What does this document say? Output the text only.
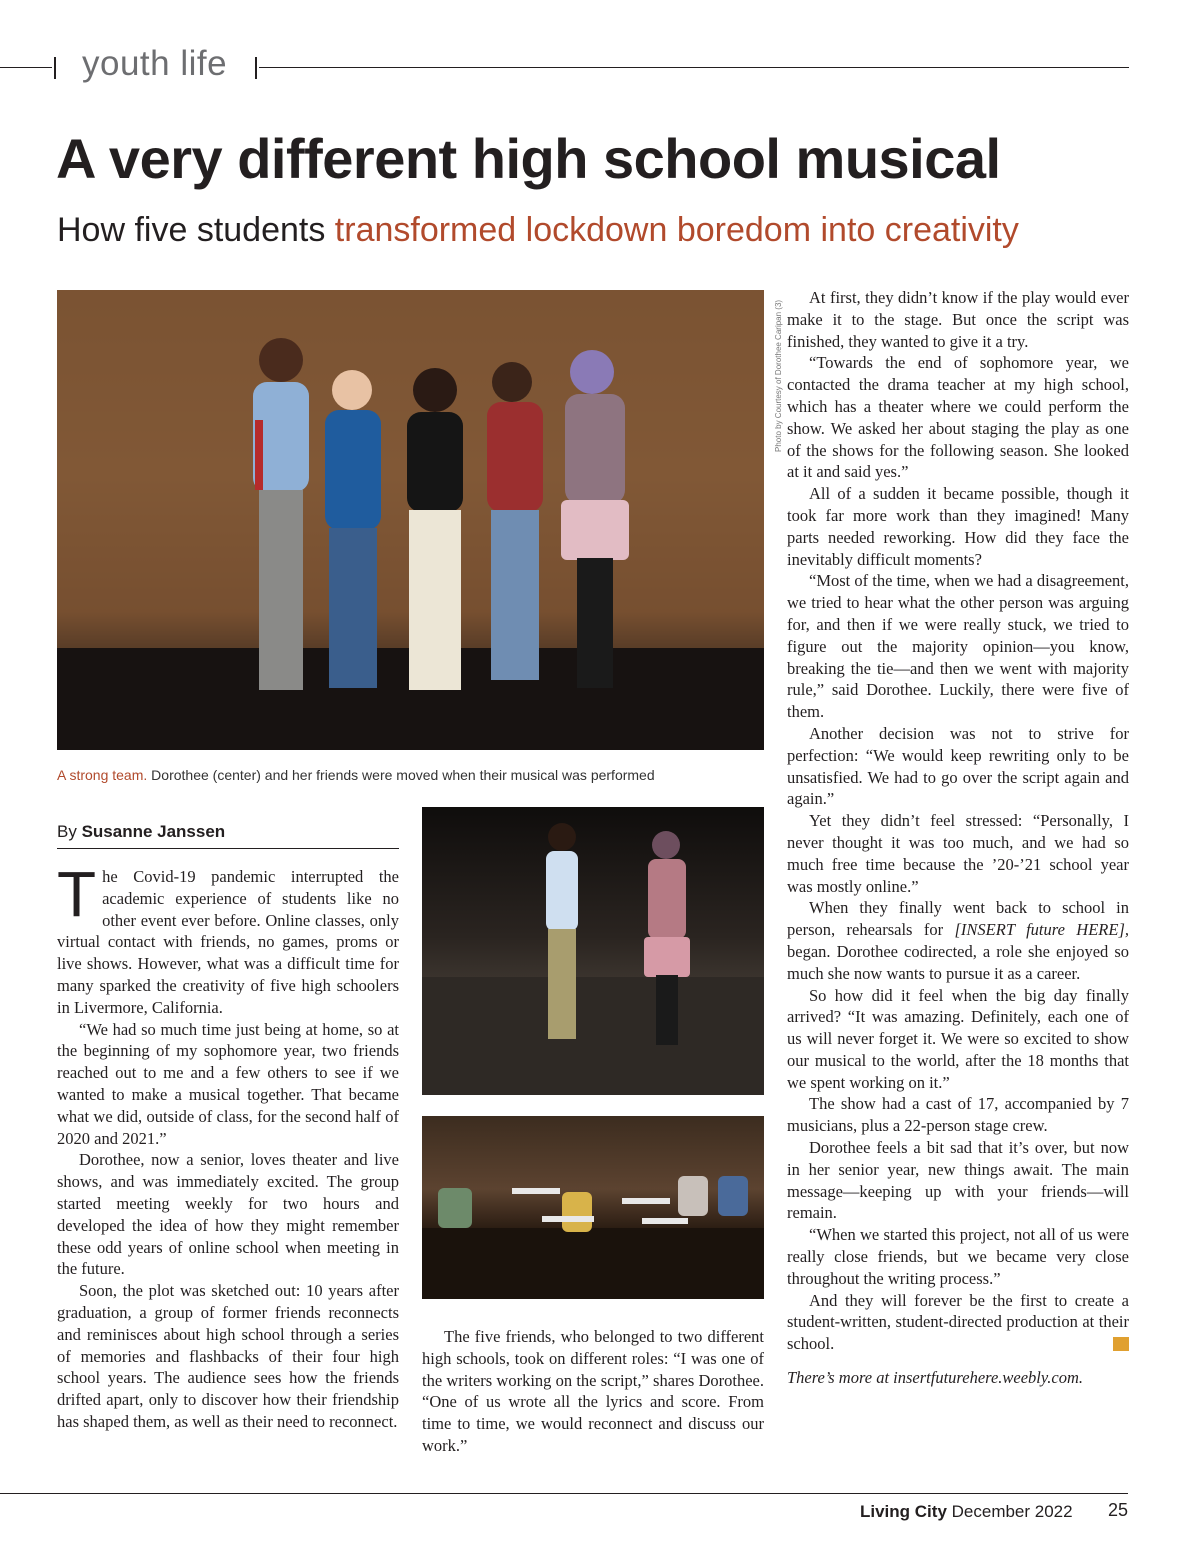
youth life
A very different high school musical
How five students transformed lockdown boredom into creativity
Photo by Courtesy of Dorothee Caripan (3)
A strong team. Dorothee (center) and her friends were moved when their musical was performed
By Susanne Janssen

The Covid-19 pandemic interrupted the academic experience of students like no other event ever before. Online classes, only virtual contact with friends, no games, proms or live shows. However, what was a difficult time for many sparked the creativity of five high schoolers in Livermore, California.

“We had so much time just being at home, so at the beginning of my sophomore year, two friends reached out to me and a few others to see if we wanted to make a musical together. That became what we did, outside of class, for the second half of 2020 and 2021.”

Dorothee, now a senior, loves theater and live shows, and was immediately excited. The group started meeting weekly for two hours and developed the idea of how they might remember these odd years of online school when meeting in the future.

Soon, the plot was sketched out: 10 years after graduation, a group of former friends reconnects and reminisces about high school through a series of memories and flashbacks of their four high school years. The audience sees how the friends drifted apart, only to discover how their friendship has shaped them, as well as their need to reconnect.

The five friends, who belonged to two different high schools, took on different roles: “I was one of the writers working on the script,” shares Dorothee. “One of us wrote all the lyrics and score. From time to time, we would reconnect and discuss our work.”

At first, they didn’t know if the play would ever make it to the stage. But once the script was finished, they wanted to give it a try.

“Towards the end of sophomore year, we contacted the drama teacher at my high school, which has a theater where we could perform the show. We asked her about staging the play as one of the shows for the following season. She looked at it and said yes.”

All of a sudden it became possible, though it took far more work than they imagined! Many parts needed reworking. How did they face the inevitably difficult moments?

“Most of the time, when we had a disagreement, we tried to hear what the other person was arguing for, and then if we were really stuck, we tried to figure out the majority opinion—you know, breaking the tie—and then we went with majority rule,” said Dorothee. Luckily, there were five of them.

Another decision was not to strive for perfection: “We would keep rewriting only to be unsatisfied. We had to go over the script again and again.”

Yet they didn’t feel stressed: “Personally, I never thought it was too much, and we had so much free time because the ’20-’21 school year was mostly online.”

When they finally went back to school in person, rehearsals for [INSERT future HERE], began. Dorothee codirected, a role she enjoyed so much she now wants to pursue it as a career.

So how did it feel when the big day finally arrived? “It was amazing. Definitely, each one of us will never forget it. We were so excited to show our musical to the world, after the 18 months that we spent working on it.”

The show had a cast of 17, accompanied by 7 musicians, plus a 22-person stage crew.

Dorothee feels a bit sad that it’s over, but now in her senior year, new things await. The main message—keeping up with your friends—will remain.

“When we started this project, not all of us were really close friends, but we became very close throughout the writing process.”

And they will forever be the first to create a student-written, student-directed production at their school.	LC

There’s more at insertfuturehere.weebly.com.

Living City December 2022 25
